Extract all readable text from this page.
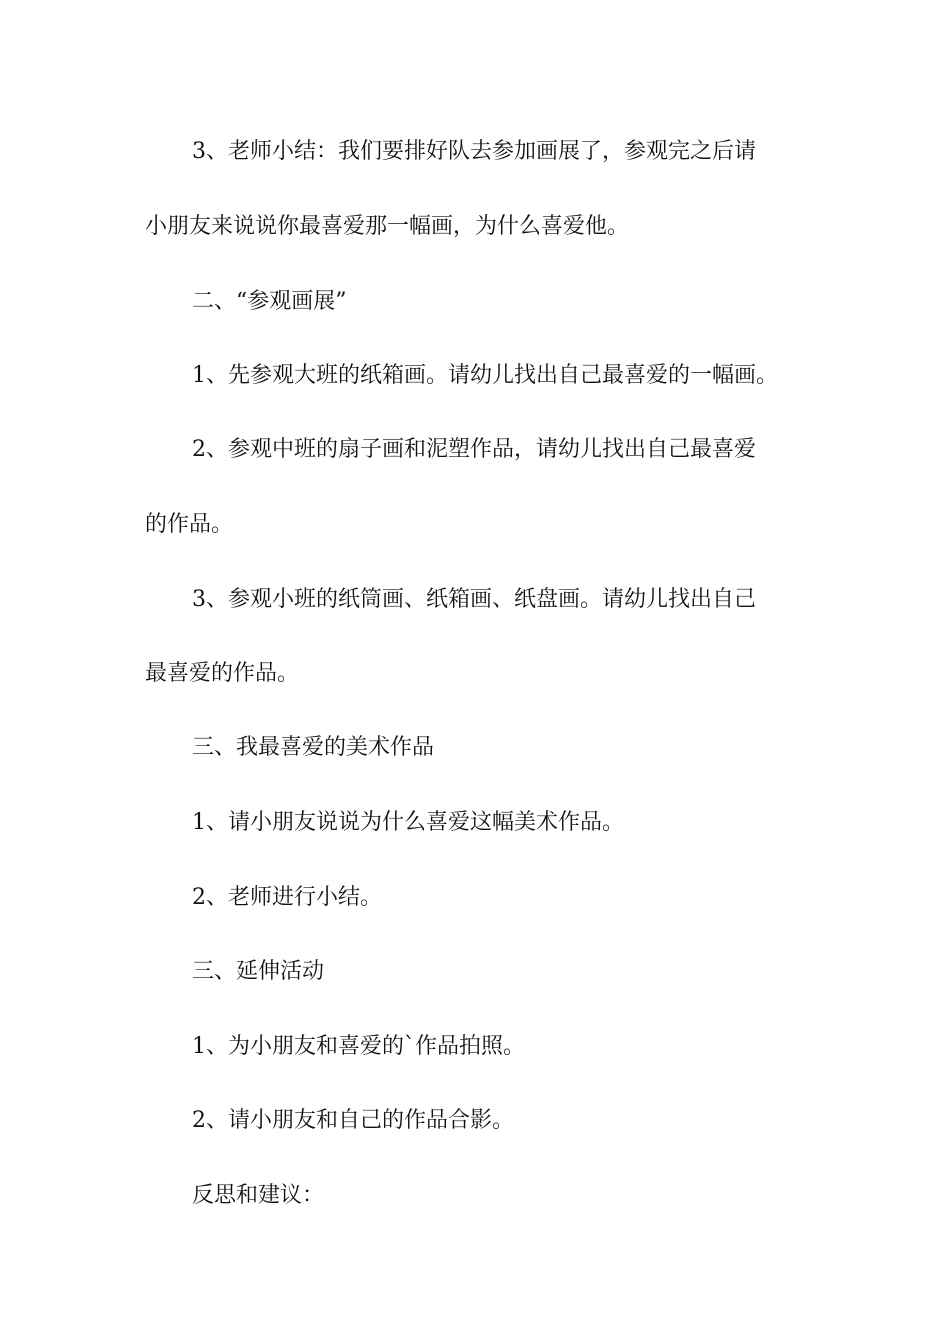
3、老师小结：我们要排好队去参加画展了，参观完之后请
小朋友来说说你最喜爱那一幅画，为什么喜爱他。
二、“参观画展”
1、先参观大班的纸箱画。请幼儿找出自己最喜爱的一幅画。
2、参观中班的扇子画和泥塑作品，请幼儿找出自己最喜爱
的作品。
3、参观小班的纸筒画、纸箱画、纸盘画。请幼儿找出自己
最喜爱的作品。
三、我最喜爱的美术作品
1、请小朋友说说为什么喜爱这幅美术作品。
2、老师进行小结。
三、延伸活动
1、为小朋友和喜爱的`作品拍照。
2、请小朋友和自己的作品合影。
反思和建议：
